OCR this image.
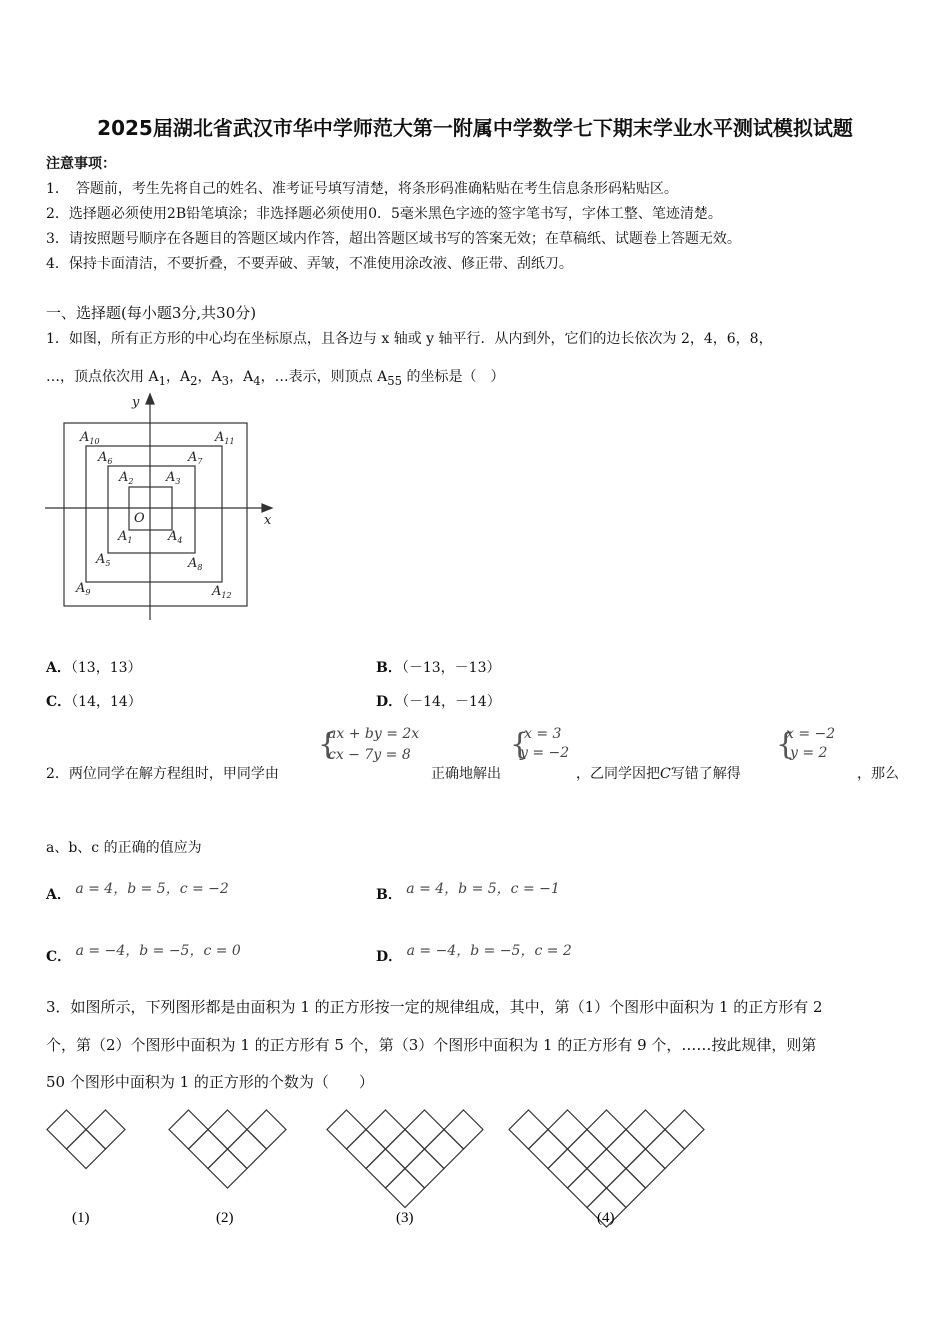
2025届湖北省武汉市华中学师范大第一附属中学数学七下期末学业水平测试模拟试题
注意事项：
1．　答题前，考生先将自己的姓名、准考证号填写清楚，将条形码准确粘贴在考生信息条形码粘贴区。
2．选择题必须使用2B铅笔填涂；非选择题必须使用0．5毫米黑色字迹的签字笔书写，字体工整、笔迹清楚。
3．请按照题号顺序在各题目的答题区域内作答，超出答题区域书写的答案无效；在草稿纸、试题卷上答题无效。
4．保持卡面清洁，不要折叠，不要弄破、弄皱，不准使用涂改液、修正带、刮纸刀。
一、选择题(每小题3分,共30分)
1．如图，所有正方形的中心均在坐标原点，且各边与 x 轴或 y 轴平行．从内到外，它们的边长依次为 2，4，6，8，
…，顶点依次用 $A_1$，$A_2$，$A_3$，$A_4$，…表示，则顶点 $A_{55}$ 的坐标是（　）
x
y
O
$A_1$
$A_2$	$A_3$
$A_4$
$A_5$
$A_6$	$A_7$
$A_8$
$A_9$
$A_{10}$	$A_{11}$
$A_{12}$
A．（13，13）	B．（－13，－13）
C．（14，14）	D．（－14，－14）
2．两位同学在解方程组时，甲同学由
{
ax + by = 2x
cx − 7y = 8
正确地解出
{
x = 3
y = −2
，乙同学因把C写错了解得
{
x = −2
y = 2
，那么
a、b、c 的正确的值应为
A． a = 4，b = 5，c = −2	B． a = 4，b = 5，c = −1
C． a = −4，b = −5，c = 0	D． a = −4，b = −5，c = 2
3．如图所示，下列图形都是由面积为 1 的正方形按一定的规律组成，其中，第（1）个图形中面积为 1 的正方形有 2
个，第（2）个图形中面积为 1 的正方形有 5 个，第（3）个图形中面积为 1 的正方形有 9 个，……按此规律，则第
50 个图形中面积为 1 的正方形的个数为（　　）
(1)	(2)	(3)	(4)
